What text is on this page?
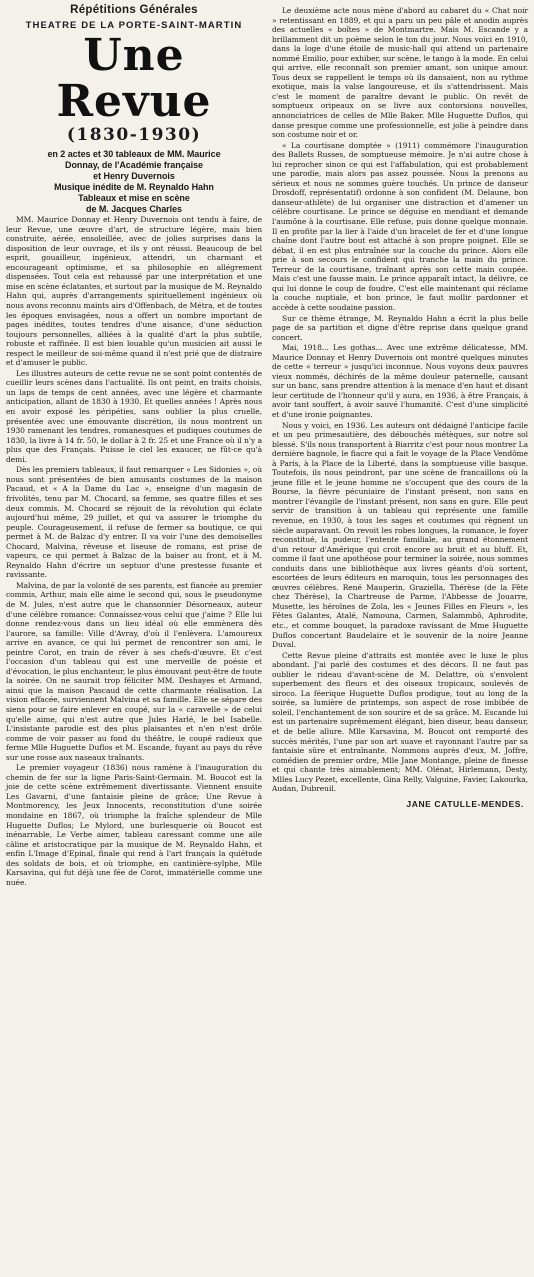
Répétitions Générales
THEATRE DE LA PORTE-SAINT-MARTIN
Une Revue
(1830-1930)
en 2 actes et 30 tableaux de MM. Maurice
Donnay, de l'Académie française
et Henry Duvernois
Musique inédite de M. Reynaldo Hahn
Tableaux et mise en scène
de M. Jacques Charles

MM. Maurice Donnay et Henry Duvernois ont tendu à faire, de leur Revue, une œuvre d'art, de structure légère, mais bien construite, aérée, ensoleillée, avec de jolies surprises dans la disposition de leur ouvrage, et ils y ont réussi. Beaucoup de bel esprit, gouailleur, ingénieux, attendri, un charmant et encourageant optimisme, et sa philosophie en allégrement dispensées. Tout cela est rehaussé par une interprétation et une mise en scène éclatantes, et surtout par la musique de M. Reynaldo Hahn qui, auprès d'arrangements spirituellement ingénieux où nous avons reconnu maints airs d'Offenbach, de Métra, et de toutes les époques envisagées, nous a offert un nombre important de pages inédites, toutes tendres d'une aisance, d'une séduction toujours personnelles, alliées à la qualité d'art la plus subtile, robuste et raffinée. Il est bien louable qu'un musicien ait aussi le respect le meilleur de soi-même quand il n'est prié que de distraire et d'amuser le public.

Les illustres auteurs de cette revue ne se sont point contentés de cueillir leurs scènes dans l'actualité. Ils ont peint, en traits choisis, un laps de temps de cent années, avec une légère et charmante anticipation, allant de 1830 à 1930. Et quelles années ! Après nous en avoir exposé les péripéties, sans oublier la plus cruelle, présentée avec une émouvante discrétion, ils nous montrent un 1930 ramenant les tendres, romanesques et pudiques coutumes de 1830, la livre à 14 fr. 50, le dollar à 2 fr. 25 et une France où il n'y a plus que des Français. Puisse le ciel les exaucer, ne fût-ce qu'à demi.

Dès les premiers tableaux, il faut remarquer « Les Sidonies », où nous sont présentées de bien amusants costumes de la maison Pacaud, et « A la Dame du Lac », enseigne d'un magasin de frivolités, tenu par M. Chocard, sa femme, ses quatre filles et ses deux commis. M. Chocard se réjouit de la révolution qui éclate aujourd'hui même, 29 juillet, et qui va assurer le triomphe du peuple. Courageusement, il refuse de fermer sa boutique, ce qui permet à M. de Balzac d'y entrer. Il va voir l'une des demoiselles Chocard, Malvina, rêveuse et liseuse de romans, est prise de vapeurs, ce qui permet à Balzac de la baiser au front, et à M. Reynaldo Hahn d'écrire un septuor d'une prestesse fusante et ravissante.

Malvina, de par la volonté de ses parents, est fiancée au premier commis, Arthur, mais elle aime le second qui, sous le pseudonyme de M. Jules, n'est autre que le chansonnier Désorneaux, auteur d'une célèbre romance: Connaissez-vous celui que j'aime ? Elle lui donne rendez-vous dans un lieu idéal où elle emmènera dès l'aurore, sa famille: Ville d'Avray, d'où il l'enlèvera. L'amoureux arrive en avance, ce qui lui permet de rencontrer son ami, le peintre Corot, en train de rêver à ses chefs-d'œuvre. Et c'est l'occasion d'un tableau qui est une merveille de poésie et d'évocation, le plus enchanteur, le plus émouvant peut-être de toute la soirée. On ne saurait trop féliciter MM. Deshayes et Armand, ainsi que la maison Pascaud de cette charmante réalisation. La vision effacée, surviennent Malvina et sa famille. Elle se sépare des siens pour se faire enlever en coupé, sur la « caravelle » de celui qu'elle aime, qui n'est autre que Jules Harlé, le bel Isabelle. L'insistante parodie est des plus plaisantes et n'en n'est drôle comme de voir passer au fond du théâtre, le coupé radieux que ferme Mlle Huguette Duflos et M. Escande, fuyant au pays du rêve sur une rosse aux naseaux traînants.

Le premier voyageur (1836) nous ramène à l'inauguration du chemin de fer sur la ligne Paris-Saint-Germain. M. Boucot est la joie de cette scène extrêmement divertissante. Viennent ensuite Les Gavarni, d'une fantaisie pleine de grâce; Une Revue à Montmorency, les Jeux Innocents, reconstitution d'une soirée mondaine en 1867, où triomphe la fraîche splendeur de Mlle Huguette Duflos; Le Mylord, une burlesquerie où Boucot est inénarrable, Le Verbe aimer, tableau caressant comme une aile câline et aristocratique par la musique de M. Reynaldo Hahn, et enfin L'Image d'Epinal, finale qui rend à l'art français la quiétude des soldats de bois, et où triomphe, en cantinière-sylphe, Mlle Karsavina, qui fut déjà une fée de Corot, immatérielle comme une nuée.

Le deuxième acte nous mène d'abord au cabaret du « Chat noir » retentissant en 1889, et qui a paru un peu pâle et anodin auprès des actuelles « boîtes » de Montmartre. Mais M. Escande y a brillamment dit un poème selon le ton du jour. Nous voici en 1910, dans la loge d'une étoile de music-hall qui attend un partenaire nommé Emilio, pour exhiber, sur scène, le tango à la mode. En celui qui arrive, elle reconnaît son premier amant, son unique amour. Tous deux se rappellent le temps où ils dansaient, non au rythme exotique, mais la valse langoureuse, et ils s'attendrissent. Mais c'est le moment de paraître devant le public. On revêt de somptueux oripeaux on se livre aux contorsions nouvelles, annonciatrices de celles de Mlle Baker. Mlle Huguette Duflos, qui danse presque comme une professionnelle, est jolie à peindre dans son costume noir et or.

« La courtisane domptée » (1911) commémore l'inauguration des Ballets Russes, de somptueuse mémoire. Je n'ai autre chose à lui reprocher sinon ce qui est l'affabulation, qui est probablement une parodie, mais alors pas assez poussée. Nous la prenons au sérieux et nous ne sommes guère touchés. Un prince de danseur Drosdoff, représentatif) ordonne à son confident (M. Delaune, bon danseur-athlète) de lui organiser une distraction et d'amener un célèbre courtisane. Le prince se déguise en mendiant et demande l'aumône à la courtisane. Elle refuse, puis donne quelque monnaie. Il en profite par la lier à l'aide d'un bracelet de fer et d'une longue chaîne dont l'autre bout est attaché à son propre poignet. Elle se débat, il en est plus entraînée sur la couche du prince. Alors elle prie à son secours le confident qui tranche la main du prince. Terreur de la courtisane, traînant après son cette main coupée. Mais c'est une fausse main. Le prince apparaît intact, la délivre, ce qui lui donne le coup de foudre. C'est elle maintenant qui réclame la couche nuptiale, et bon prince, le faut mollir pardonner et accède à cette soudaine passion.

Sur ce thème étrange, M. Reynaldo Hahn a écrit la plus belle page de sa partition et digne d'être reprise dans quelque grand concert.

Mai, 1918... Les gothas... Avec une extrême délicatesse, MM. Maurice Donnay et Henry Duvernois ont montré quelques minutes de cette « terreur » jusqu'ici inconnue. Nous voyons deux pauvres vieux nommés, déchirés de la même douleur paternelle, causant sur un banc, sans prendre attention à la menace d'en haut et disant leur certitude de l'honneur qu'il y aura, en 1936, à être Français, à avoir tant souffert, à avoir sauvé l'humanité. C'est d'une simplicité et d'une ironie poignantes.

Nous y voici, en 1936. Les auteurs ont dédaigné l'anticipe facile et un peu primesautière, des débouchés métèques, sur notre sol blessé. S'ils nous transportent à Biarritz c'est pour nous montrer La dernière bagnole, le fiacre qui a fait le voyage de la Place Vendôme à Paris, à la Place de la Liberté, dans la somptueuse ville basque. Toutefois, ils nous peindront, par une scène de francaillons où la jeune fille et le jeune homme ne s'occupent que des cours de la Bourse, la fièvre pécuniaire de l'instant présent, non sans en montrer l'évangile de l'instant présent, non sans en gure. Elle peut servir de transition à un tableau qui représente une famille revenue, en 1930, à tous les sages et coutumes qui règnent un siècle auparavant. On revoit les robes longues, la romance, le foyer reconstitué, la pudeur, l'entente familiale, au grand étonnement d'un retour d'Amérique qui croit encore au bruit et au bluff. Et, comme il faut une apothéose pour terminer la soirée, nous sommes conduits dans une bibliothèque aux livres géants d'où sortent, escortées de leurs éditeurs en maroquin, tous les personnages des œuvres célèbres. René Mauperin, Graziella, Thérèse (de la Fête chez Thérèse), la Chartreuse de Parme, l'Abbesse de Jouarre, Musette, les héroïnes de Zola, les « Jeunes Filles en Fleurs », les Fêtes Galantes, Atalé, Namouna, Carmen, Salammbô, Aphrodite, etc., et comme bouquet, la paradoxe ravissant de Mme Huguette Duflos concertant Baudelaire et le souvenir de la noire Jeanne Duval.

Cette Revue pleine d'attraits est montée avec le luxe le plus abondant. J'ai parlé des costumes et des décors. Il ne faut pas oublier le rideau d'avant-scène de M. Delattre, où s'envolent superbement des fleurs et des oiseaux tropicaux, soulevés de siroco. La féerique Huguette Duflos prodigue, tout au long de la soirée, sa lumière de printemps, son aspect de rose imbibée de soleil, l'enchantement de son sourire et de sa grâce. M. Escande lui est un partenaire suprêmement élégant, bien diseur, beau danseur, et de belle allure. Mlle Karsavina, M. Boucot ont remporté des succès mérités, l'une par son art suave et rayonnant l'autre par sa fantaisie sûre et entraînante. Nommons auprès d'eux, M. Joffre, comédien de premier ordre, Mlle Jane Montange, pleine de finesse et qui chante très aimablement; MM. Olénat, Hirlemann, Desty, Mlles Lucy Pezet, excellente, Gina Relly, Valguine, Favier, Lakourka, Audan, Dubreuil.

JANE CATULLE-MENDES.
